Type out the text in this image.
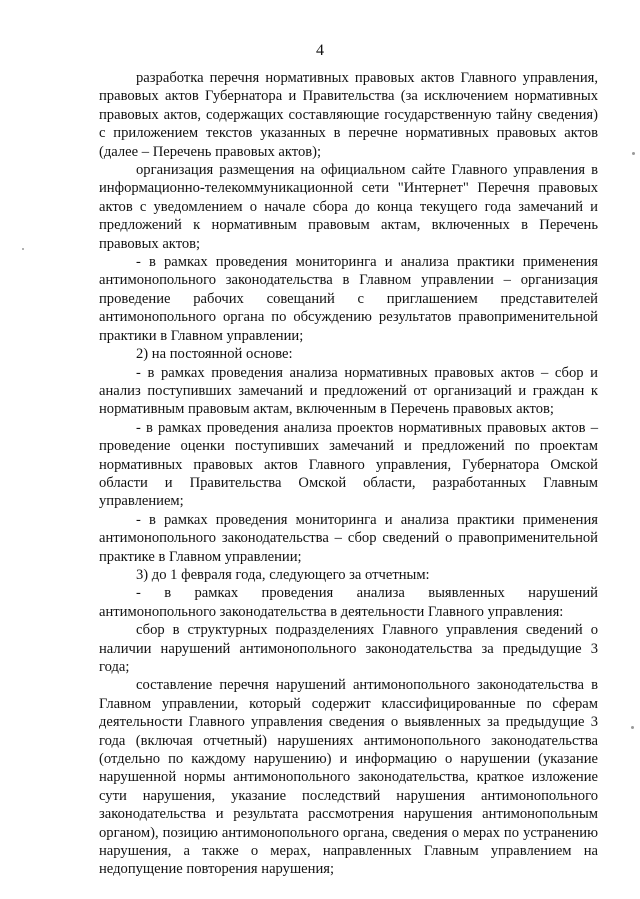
4

разработка перечня нормативных правовых актов Главного управления, правовых актов Губернатора и Правительства (за исключением нормативных правовых актов, содержащих составляющие государственную тайну сведения) с приложением текстов указанных в перечне нормативных правовых актов (далее – Перечень правовых актов);

организация размещения на официальном сайте Главного управления в информационно-телекоммуникационной сети "Интернет" Перечня правовых актов с уведомлением о начале сбора до конца текущего года замечаний и предложений к нормативным правовым актам, включенных в Перечень правовых актов;

- в рамках проведения мониторинга и анализа практики применения антимонопольного законодательства в Главном управлении – организация проведение рабочих совещаний с приглашением представителей антимонопольного органа по обсуждению результатов правоприменительной практики в Главном управлении;

2) на постоянной основе:

- в рамках проведения анализа нормативных правовых актов – сбор и анализ поступивших замечаний и предложений от организаций и граждан к нормативным правовым актам, включенным в Перечень правовых актов;

- в рамках проведения анализа проектов нормативных правовых актов – проведение оценки поступивших замечаний и предложений по проектам нормативных правовых актов Главного управления, Губернатора Омской области и Правительства Омской области, разработанных Главным управлением;

- в рамках проведения мониторинга и анализа практики применения антимонопольного законодательства – сбор сведений о правоприменительной практике в Главном управлении;

3) до 1 февраля года, следующего за отчетным:

- в рамках проведения анализа выявленных нарушений антимонопольного законодательства в деятельности Главного управления:

сбор в структурных подразделениях Главного управления сведений о наличии нарушений антимонопольного законодательства за предыдущие 3 года;

составление перечня нарушений антимонопольного законодательства в Главном управлении, который содержит классифицированные по сферам деятельности Главного управления сведения о выявленных за предыдущие 3 года (включая отчетный) нарушениях антимонопольного законодательства (отдельно по каждому нарушению) и информацию о нарушении (указание нарушенной нормы антимонопольного законодательства, краткое изложение сути нарушения, указание последствий нарушения антимонопольного законодательства и результата рассмотрения нарушения антимонопольным органом), позицию антимонопольного органа, сведения о мерах по устранению нарушения, а также о мерах, направленных Главным управлением на недопущение повторения нарушения;
